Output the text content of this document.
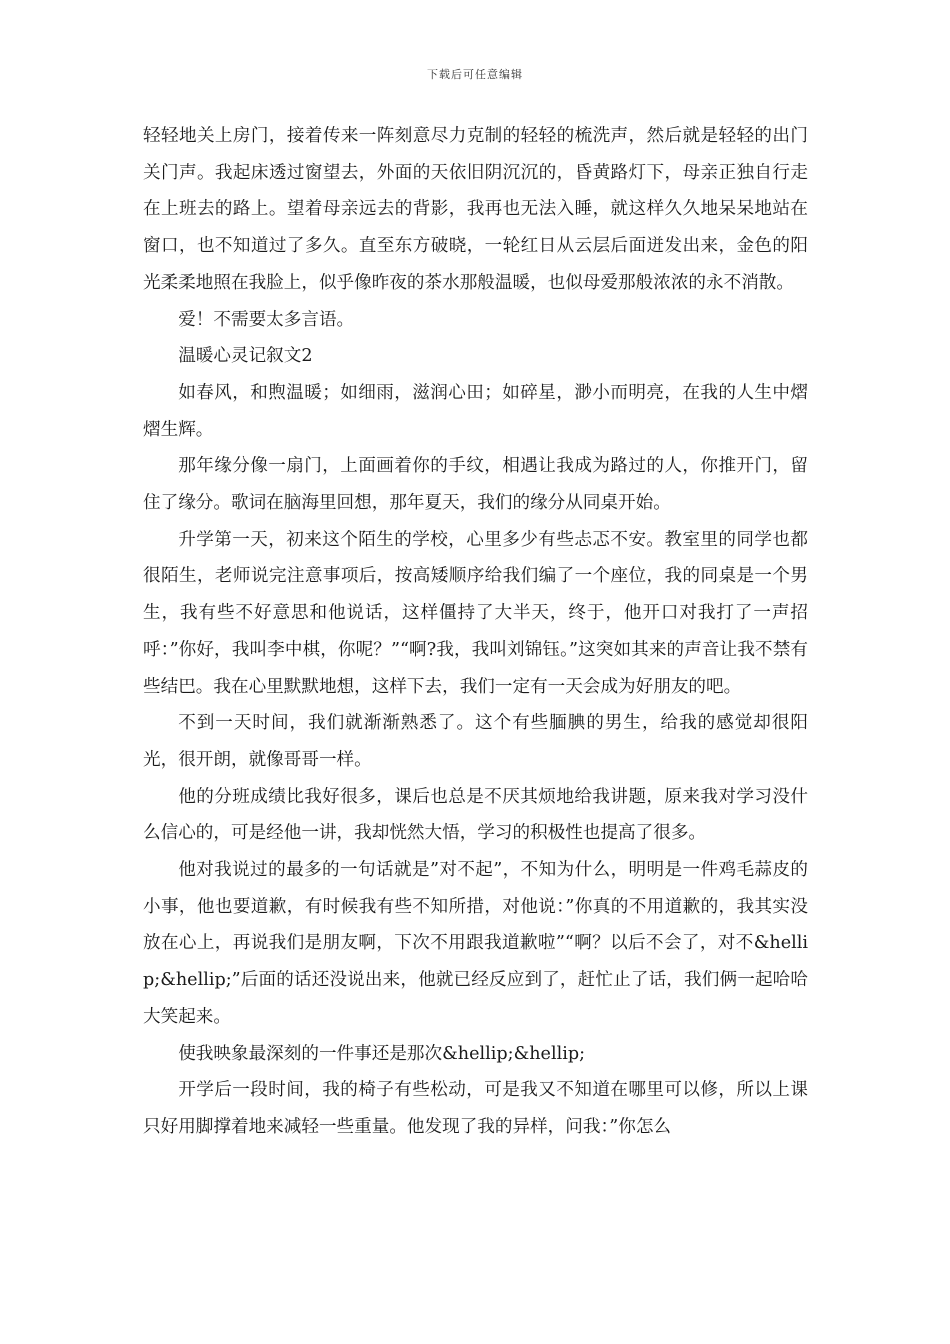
下载后可任意编辑

轻轻地关上房门，接着传来一阵刻意尽力克制的轻轻的梳洗声，然后就是轻轻的出门关门声。我起床透过窗望去，外面的天依旧阴沉沉的，昏黄路灯下，母亲正独自行走在上班去的路上。望着母亲远去的背影，我再也无法入睡，就这样久久地呆呆地站在窗口，也不知道过了多久。直至东方破晓，一轮红日从云层后面迸发出来，金色的阳光柔柔地照在我脸上，似乎像昨夜的茶水那般温暖，也似母爱那般浓浓的永不消散。

爱！不需要太多言语。

温暖心灵记叙文2

如春风，和煦温暖；如细雨，滋润心田；如碎星，渺小而明亮，在我的人生中熠熠生辉。

那年缘分像一扇门，上面画着你的手纹，相遇让我成为路过的人，你推开门，留住了缘分。歌词在脑海里回想，那年夏天，我们的缘分从同桌开始。

升学第一天，初来这个陌生的学校，心里多少有些忐忑不安。教室里的同学也都很陌生，老师说完注意事项后，按高矮顺序给我们编了一个座位，我的同桌是一个男生，我有些不好意思和他说话，这样僵持了大半天，终于，他开口对我打了一声招呼：”你好，我叫李中棋，你呢？”“啊?我，我叫刘锦钰。”这突如其来的声音让我不禁有些结巴。我在心里默默地想，这样下去，我们一定有一天会成为好朋友的吧。

不到一天时间，我们就渐渐熟悉了。这个有些腼腆的男生，给我的感觉却很阳光，很开朗，就像哥哥一样。

他的分班成绩比我好很多，课后也总是不厌其烦地给我讲题，原来我对学习没什么信心的，可是经他一讲，我却恍然大悟，学习的积极性也提高了很多。

他对我说过的最多的一句话就是”对不起”，不知为什么，明明是一件鸡毛蒜皮的小事，他也要道歉，有时候我有些不知所措，对他说：”你真的不用道歉的，我其实没放在心上，再说我们是朋友啊，下次不用跟我道歉啦”“啊？以后不会了，对不&hellip;&hellip;”后面的话还没说出来，他就已经反应到了，赶忙止了话，我们俩一起哈哈大笑起来。

使我映象最深刻的一件事还是那次&hellip;&hellip;

开学后一段时间，我的椅子有些松动，可是我又不知道在哪里可以修，所以上课只好用脚撑着地来减轻一些重量。他发现了我的异样，问我：”你怎么
